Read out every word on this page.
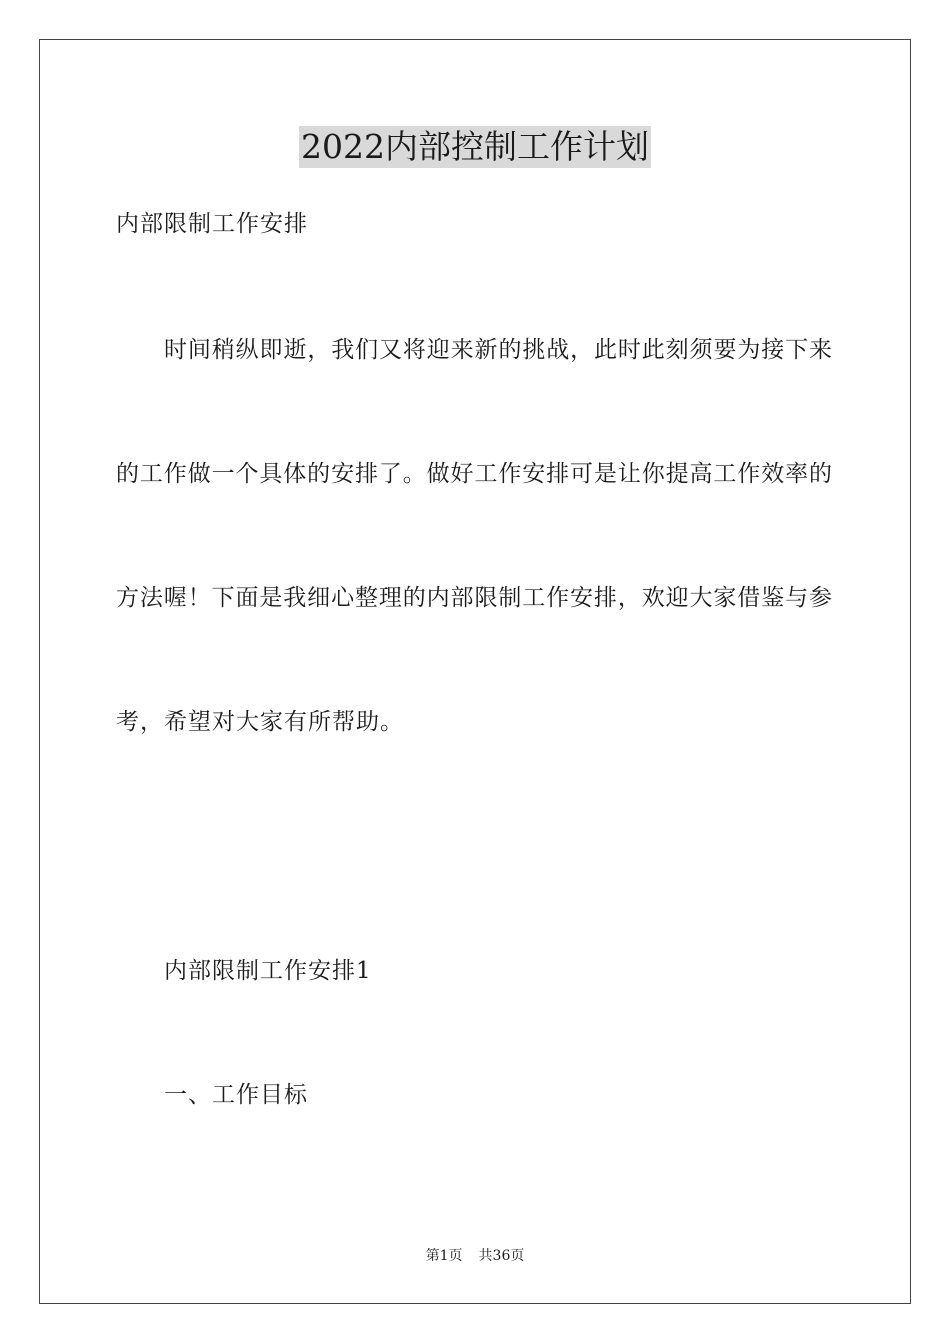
2022内部控制工作计划
内部限制工作安排
时间稍纵即逝，我们又将迎来新的挑战，此时此刻须要为接下来
的工作做一个具体的安排了。做好工作安排可是让你提高工作效率的
方法喔！下面是我细心整理的内部限制工作安排，欢迎大家借鉴与参
考，希望对大家有所帮助。
内部限制工作安排1
一、工作目标
第1页 共36页
